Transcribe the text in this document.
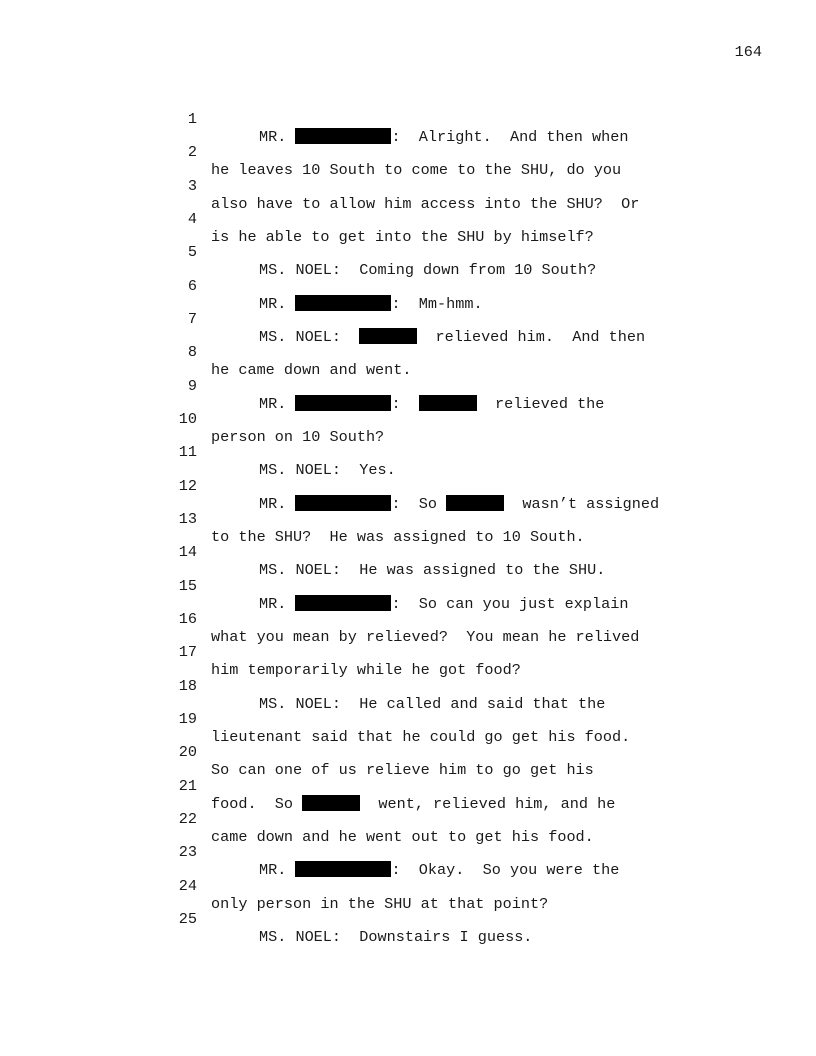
164

1

MR.	:  Alright.  And then when

2

he leaves 10 South to come to the SHU, do you

3

also have to allow him access into the SHU?  Or

4

is he able to get into the SHU by himself?

5

MS. NOEL:  Coming down from 10 South?

6

MR.	:  Mm-hmm.

7

MS. NOEL:	relieved him.  And then

8

he came down and went.

9

MR.	:	relieved the

10

person on 10 South?

11

MS. NOEL:  Yes.

12

MR.	:  So	wasn’t assigned

13

to the SHU?  He was assigned to 10 South.

14

MS. NOEL:  He was assigned to the SHU.

15

MR.	:  So can you just explain

16

what you mean by relieved?  You mean he relived

17

him temporarily while he got food?

18

MS. NOEL:  He called and said that the

19

lieutenant said that he could go get his food.

20

So can one of us relieve him to go get his

21

food.  So	went, relieved him, and he

22

came down and he went out to get his food.

23

MR.	:  Okay.  So you were the

24

only person in the SHU at that point?

25

MS. NOEL:  Downstairs I guess.
